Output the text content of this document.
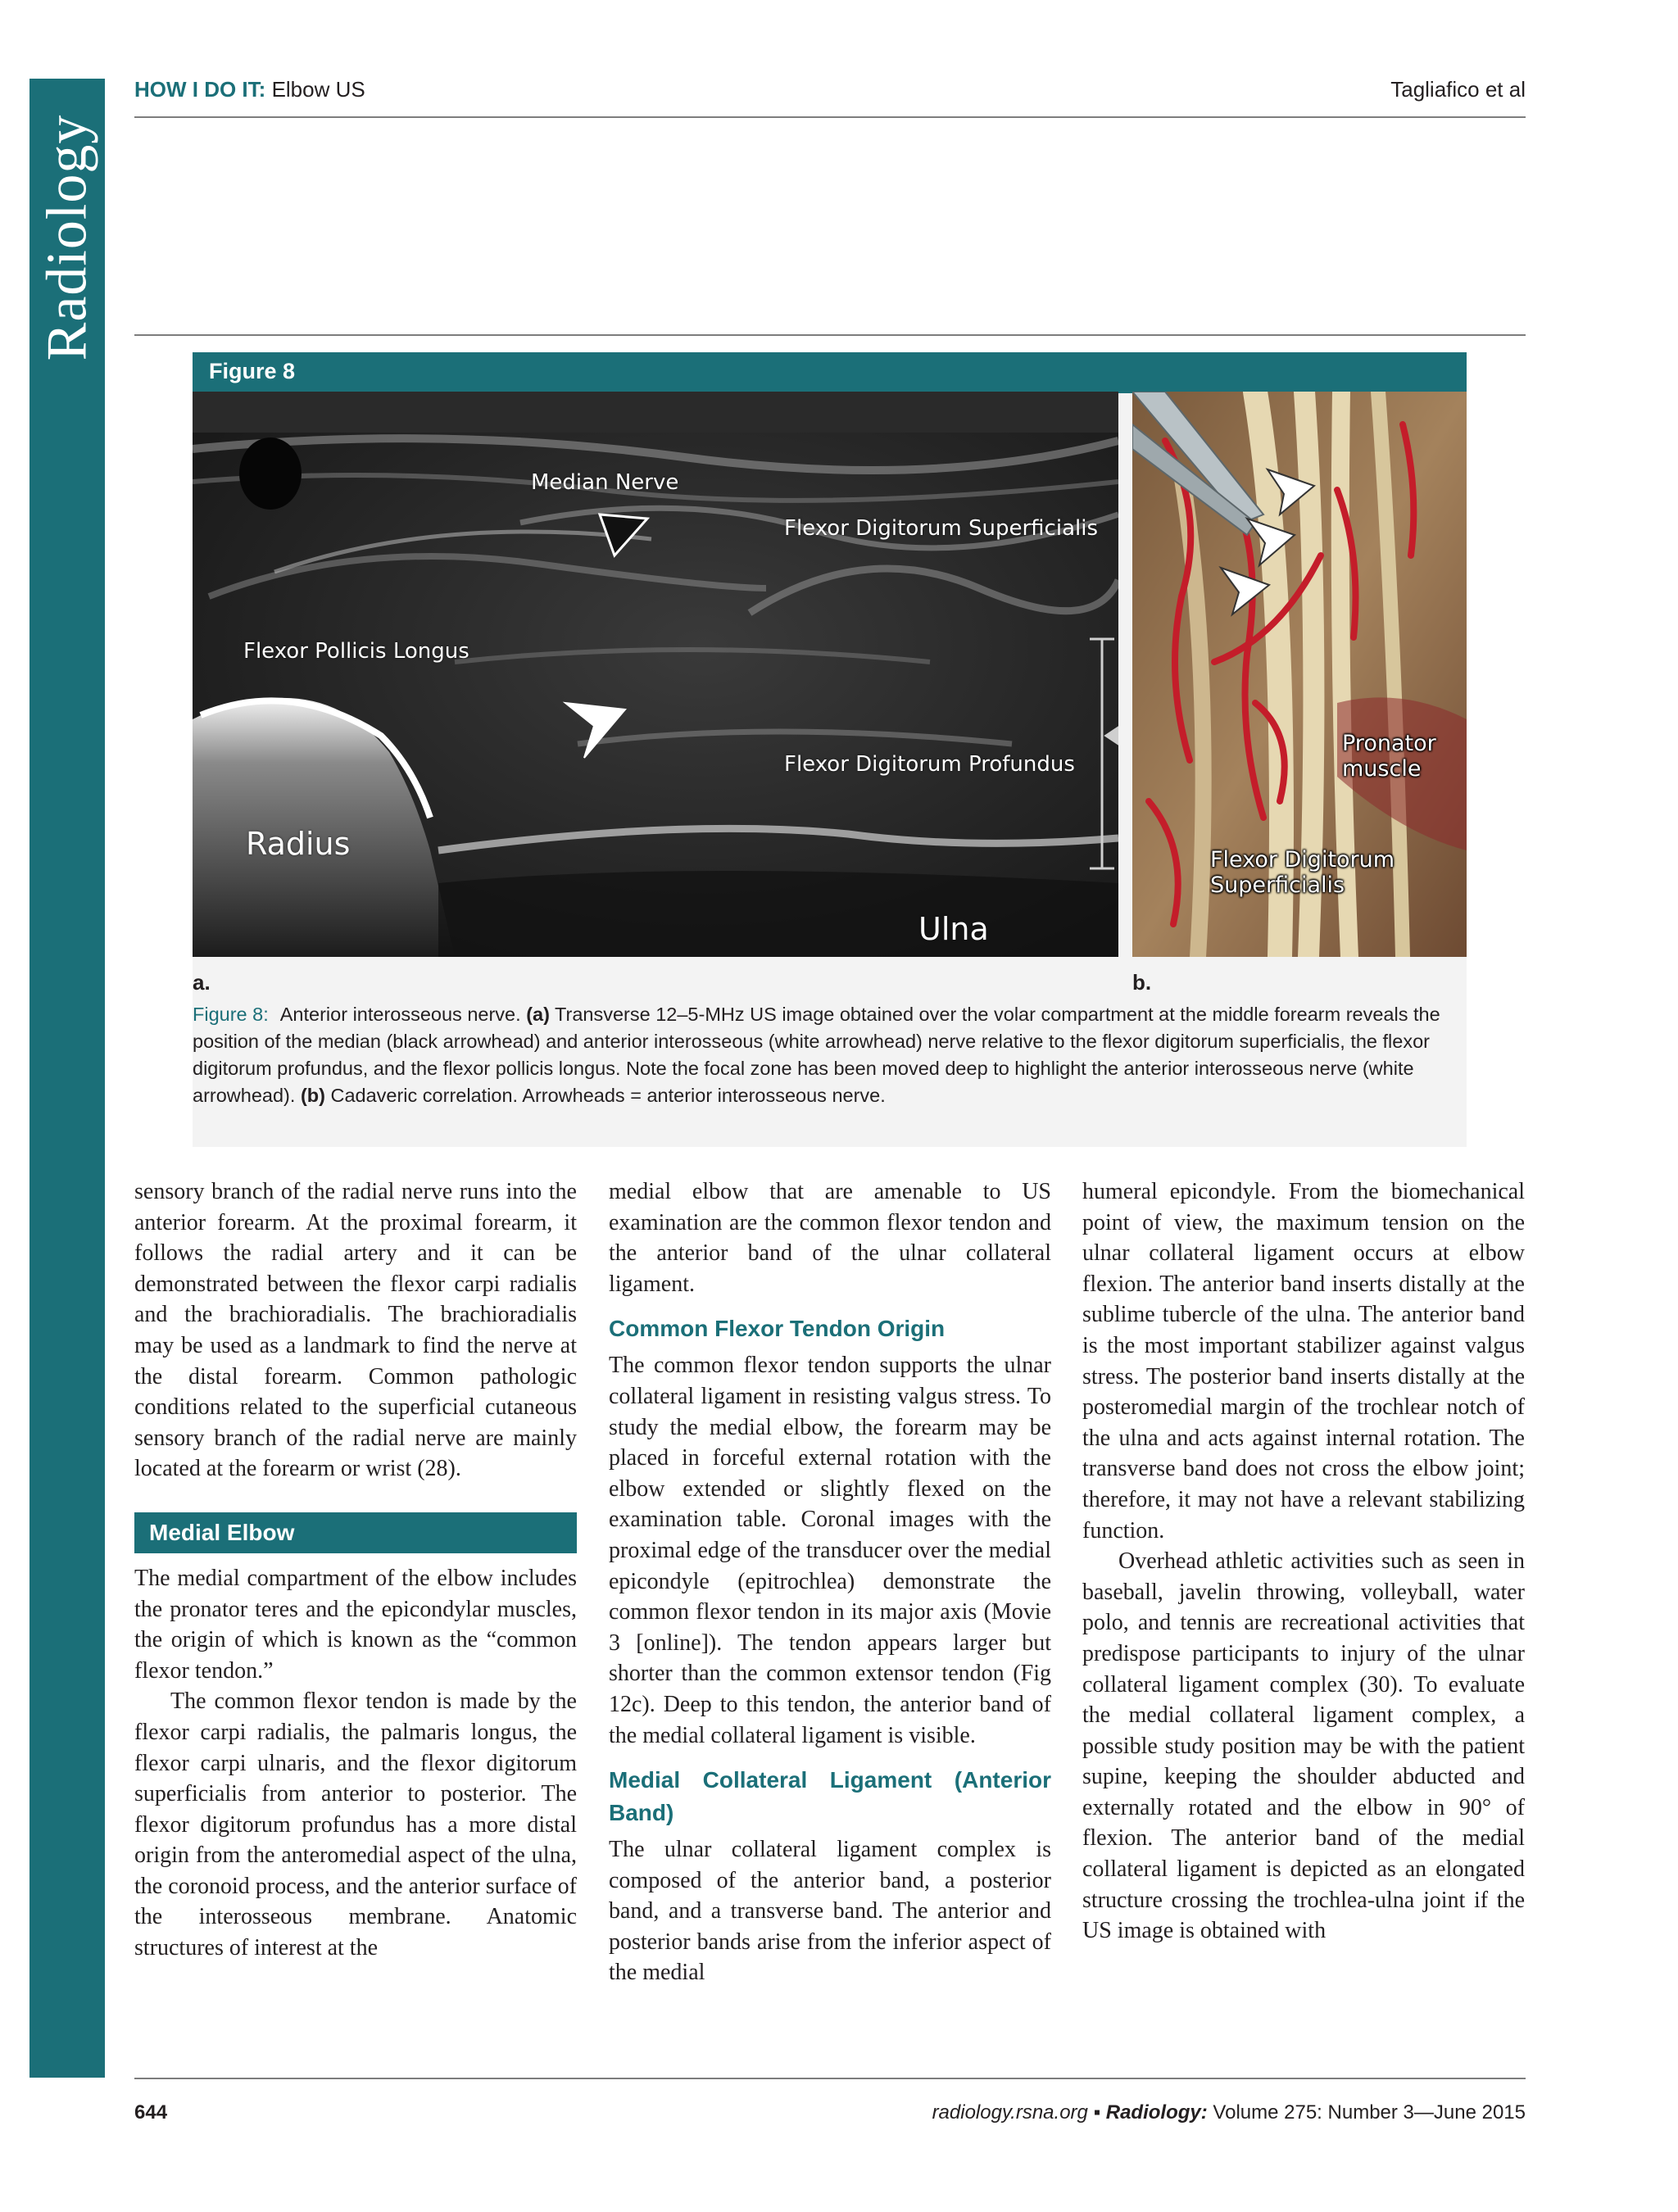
Radiology
HOW I DO IT: Elbow US	Tagliafico et al
Figure 8
Median Nerve
Flexor Digitorum Superficialis
Flexor Pollicis Longus
Flexor Digitorum Profundus
Radius
Ulna
Pronator
muscle
Flexor Digitorum
Superficialis
a.	b.
Figure 8: Anterior interosseous nerve. (a) Transverse 12–5-MHz US image obtained over the volar compartment at the middle forearm reveals the position of the median (black arrowhead) and anterior interosseous (white arrowhead) nerve relative to the flexor digitorum superficialis, the flexor digitorum profundus, and the flexor pollicis longus. Note the focal zone has been moved deep to highlight the anterior interosseous nerve (white arrowhead). (b) Cadaveric correlation. Arrowheads = anterior interosseous nerve.

sensory branch of the radial nerve runs into the anterior forearm. At the proximal forearm, it follows the radial artery and it can be demonstrated between the flexor carpi radialis and the brachioradialis. The brachioradialis may be used as a landmark to find the nerve at the distal forearm. Common pathologic conditions related to the superficial cutaneous sensory branch of the radial nerve are mainly located at the forearm or wrist (28).

Medial Elbow

The medial compartment of the elbow includes the pronator teres and the epicondylar muscles, the origin of which is known as the “common flexor tendon.”

The common flexor tendon is made by the flexor carpi radialis, the palmaris longus, the flexor carpi ulnaris, and the flexor digitorum superficialis from anterior to posterior. The flexor digitorum profundus has a more distal origin from the anteromedial aspect of the ulna, the coronoid process, and the anterior surface of the interosseous membrane. Anatomic structures of interest at the

medial elbow that are amenable to US examination are the common flexor tendon and the anterior band of the ulnar collateral ligament.

Common Flexor Tendon Origin

The common flexor tendon supports the ulnar collateral ligament in resisting valgus stress. To study the medial elbow, the forearm may be placed in forceful external rotation with the elbow extended or slightly flexed on the examination table. Coronal images with the proximal edge of the transducer over the medial epicondyle (epitrochlea) demonstrate the common flexor tendon in its major axis (Movie 3 [online]). The tendon appears larger but shorter than the common extensor tendon (Fig 12c). Deep to this tendon, the anterior band of the medial collateral ligament is visible.

Medial Collateral Ligament (Anterior Band)

The ulnar collateral ligament complex is composed of the anterior band, a posterior band, and a transverse band. The anterior and posterior bands arise from the inferior aspect of the medial

humeral epicondyle. From the biomechanical point of view, the maximum tension on the ulnar collateral ligament occurs at elbow flexion. The anterior band inserts distally at the sublime tubercle of the ulna. The anterior band is the most important stabilizer against valgus stress. The posterior band inserts distally at the posteromedial margin of the trochlear notch of the ulna and acts against internal rotation. The transverse band does not cross the elbow joint; therefore, it may not have a relevant stabilizing function.

Overhead athletic activities such as seen in baseball, javelin throwing, volleyball, water polo, and tennis are recreational activities that predispose participants to injury of the ulnar collateral ligament complex (30). To evaluate the medial collateral ligament complex, a possible study position may be with the patient supine, keeping the shoulder abducted and externally rotated and the elbow in 90° of flexion. The anterior band of the medial collateral ligament is depicted as an elongated structure crossing the trochlea-ulna joint if the US image is obtained with

644	radiology.rsna.org ▪ Radiology: Volume 275: Number 3—June 2015
